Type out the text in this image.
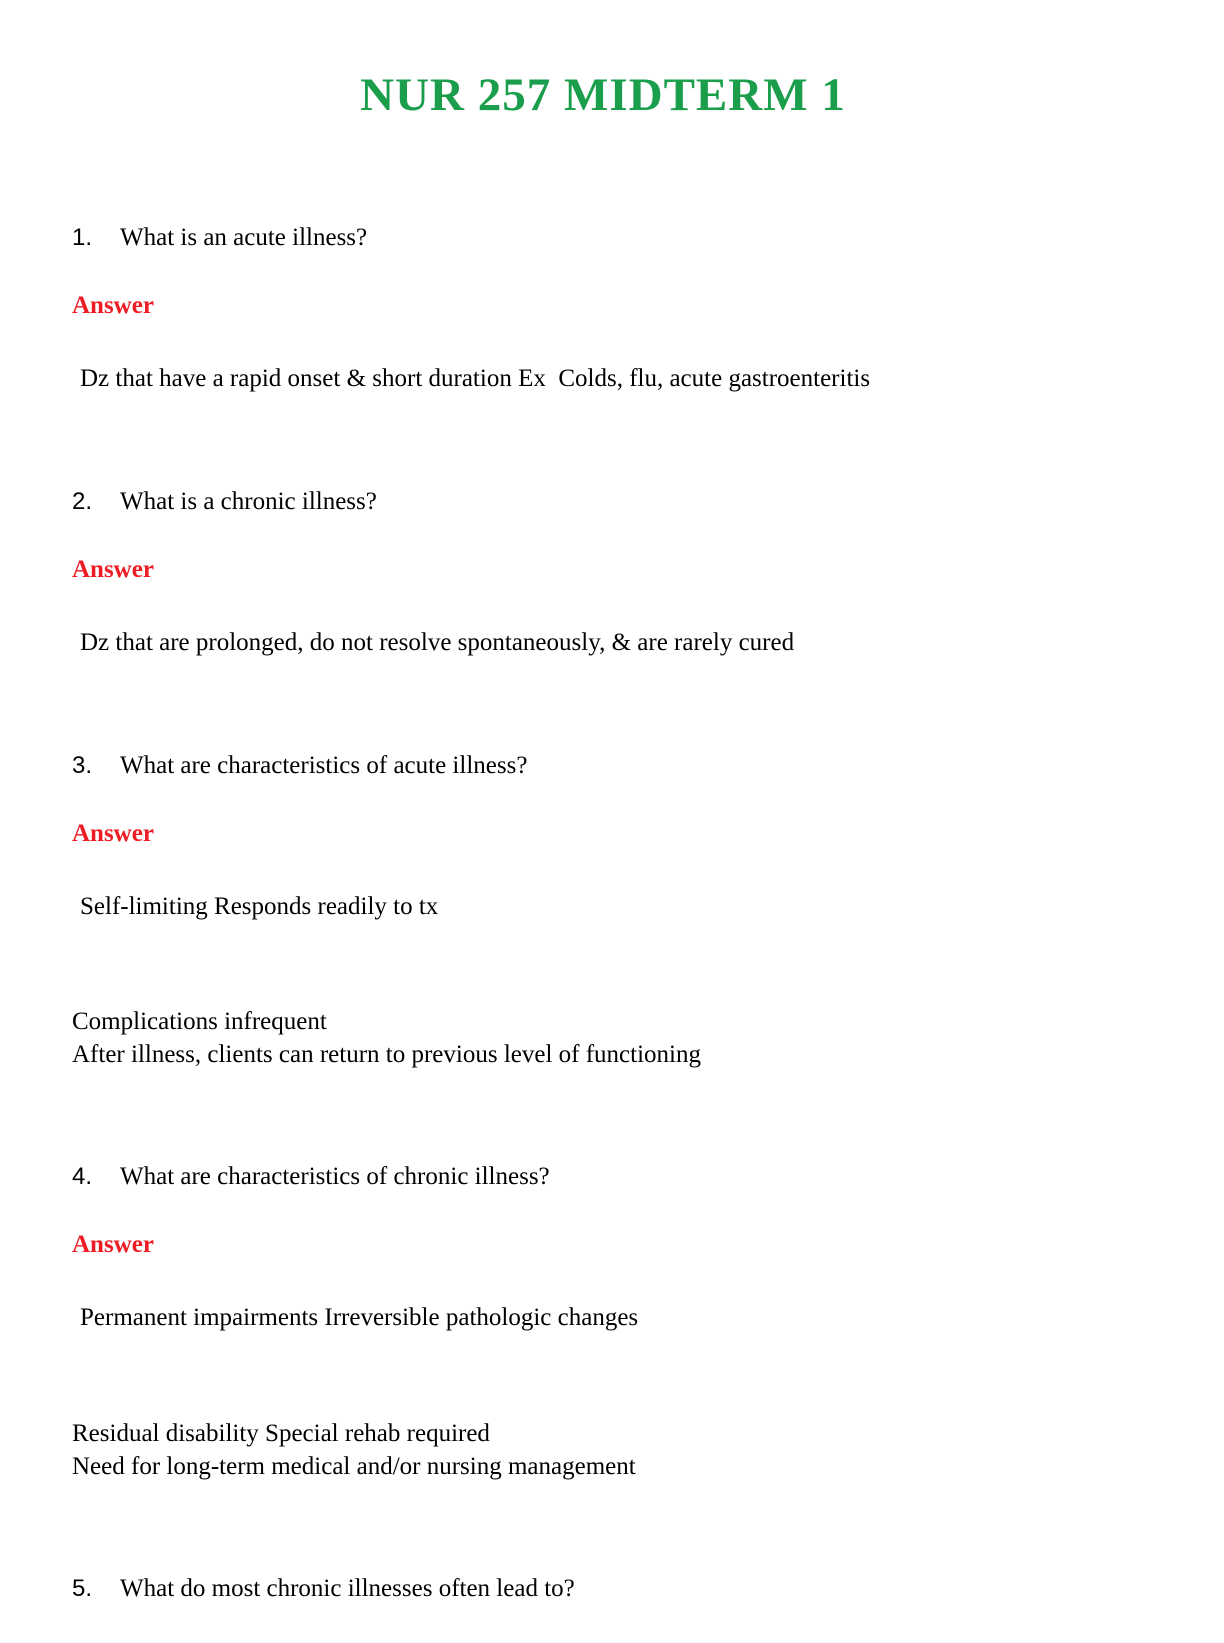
NUR 257 MIDTERM 1
1. What is an acute illness?
Answer
Dz that have a rapid onset & short duration Ex  Colds, flu, acute gastroenteritis
2. What is a chronic illness?
Answer
Dz that are prolonged, do not resolve spontaneously, & are rarely cured
3. What are characteristics of acute illness?
Answer
Self-limiting Responds readily to tx
Complications infrequent
After illness, clients can return to previous level of functioning
4. What are characteristics of chronic illness?
Answer
Permanent impairments Irreversible pathologic changes
Residual disability Special rehab required
Need for long-term medical and/or nursing management
5. What do most chronic illnesses often lead to?
